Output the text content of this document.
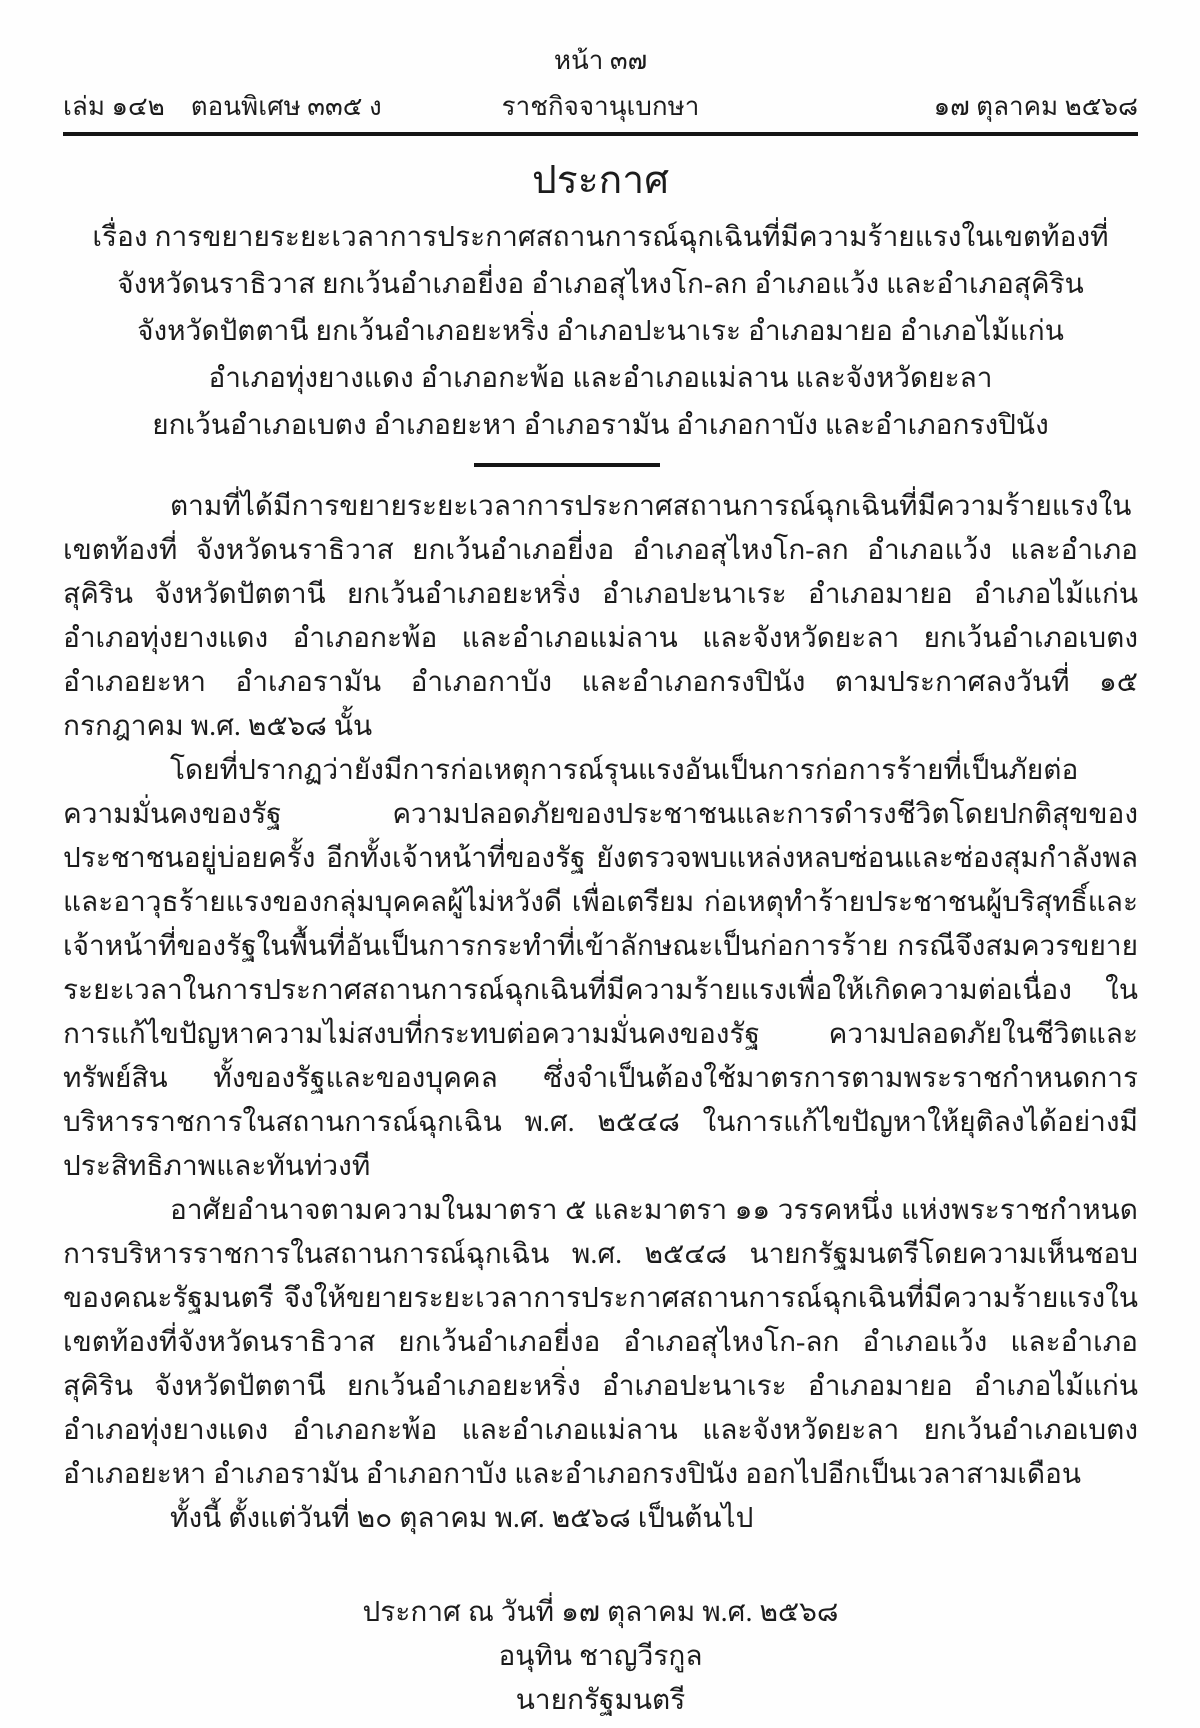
หน้า ๓๗
เล่ม ๑๔๒ ตอนพิเศษ ๓๓๕ ง	ราชกิจจานุเบกษา	๑๗ ตุลาคม ๒๕๖๘
ประกาศ
เรื่อง การขยายระยะเวลาการประกาศสถานการณ์ฉุกเฉินที่มีความร้ายแรงในเขตท้องที่
จังหวัดนราธิวาส ยกเว้นอำเภอยี่งอ อำเภอสุไหงโก-ลก อำเภอแว้ง และอำเภอสุคิริน
จังหวัดปัตตานี ยกเว้นอำเภอยะหริ่ง อำเภอปะนาเระ อำเภอมายอ อำเภอไม้แก่น
อำเภอทุ่งยางแดง อำเภอกะพ้อ และอำเภอแม่ลาน และจังหวัดยะลา
ยกเว้นอำเภอเบตง อำเภอยะหา อำเภอรามัน อำเภอกาบัง และอำเภอกรงปินัง

ตามที่ได้มีการขยายระยะเวลาการประกาศสถานการณ์ฉุกเฉินที่มีความร้ายแรงในเขตท้องที่ จังหวัดนราธิวาส ยกเว้นอำเภอยี่งอ อำเภอสุไหงโก-ลก อำเภอแว้ง และอำเภอสุคิริน จังหวัดปัตตานี ยกเว้นอำเภอยะหริ่ง อำเภอปะนาเระ อำเภอมายอ อำเภอไม้แก่น อำเภอทุ่งยางแดง อำเภอกะพ้อ และอำเภอแม่ลาน และจังหวัดยะลา ยกเว้นอำเภอเบตง อำเภอยะหา อำเภอรามัน อำเภอกาบัง และอำเภอกรงปินัง ตามประกาศลงวันที่ ๑๕ กรกฎาคม พ.ศ. ๒๕๖๘ นั้น

โดยที่ปรากฏว่ายังมีการก่อเหตุการณ์รุนแรงอันเป็นการก่อการร้ายที่เป็นภัยต่อความมั่นคงของรัฐ ความปลอดภัยของประชาชนและการดำรงชีวิตโดยปกติสุขของประชาชนอยู่บ่อยครั้ง อีกทั้งเจ้าหน้าที่ของรัฐ ยังตรวจพบแหล่งหลบซ่อนและซ่องสุมกำลังพลและอาวุธร้ายแรงของกลุ่มบุคคลผู้ไม่หวังดี เพื่อเตรียม ก่อเหตุทำร้ายประชาชนผู้บริสุทธิ์และเจ้าหน้าที่ของรัฐในพื้นที่อันเป็นการกระทำที่เข้าลักษณะเป็นก่อการร้าย กรณีจึงสมควรขยายระยะเวลาในการประกาศสถานการณ์ฉุกเฉินที่มีความร้ายแรงเพื่อให้เกิดความต่อเนื่อง ในการแก้ไขปัญหาความไม่สงบที่กระทบต่อความมั่นคงของรัฐ ความปลอดภัยในชีวิตและทรัพย์สิน ทั้งของรัฐและของบุคคล ซึ่งจำเป็นต้องใช้มาตรการตามพระราชกำหนดการบริหารราชการในสถานการณ์ฉุกเฉิน พ.ศ. ๒๕๔๘ ในการแก้ไขปัญหาให้ยุติลงได้อย่างมีประสิทธิภาพและทันท่วงที

อาศัยอำนาจตามความในมาตรา ๕ และมาตรา ๑๑ วรรคหนึ่ง แห่งพระราชกำหนด การบริหารราชการในสถานการณ์ฉุกเฉิน พ.ศ. ๒๕๔๘ นายกรัฐมนตรีโดยความเห็นชอบของคณะรัฐมนตรี จึงให้ขยายระยะเวลาการประกาศสถานการณ์ฉุกเฉินที่มีความร้ายแรงในเขตท้องที่จังหวัดนราธิวาส ยกเว้นอำเภอยี่งอ อำเภอสุไหงโก-ลก อำเภอแว้ง และอำเภอสุคิริน จังหวัดปัตตานี ยกเว้นอำเภอยะหริ่ง อำเภอปะนาเระ อำเภอมายอ อำเภอไม้แก่น อำเภอทุ่งยางแดง อำเภอกะพ้อ และอำเภอแม่ลาน และจังหวัดยะลา ยกเว้นอำเภอเบตง อำเภอยะหา อำเภอรามัน อำเภอกาบัง และอำเภอกรงปินัง ออกไปอีกเป็นเวลาสามเดือน

ทั้งนี้ ตั้งแต่วันที่ ๒๐ ตุลาคม พ.ศ. ๒๕๖๘ เป็นต้นไป

ประกาศ ณ วันที่ ๑๗ ตุลาคม พ.ศ. ๒๕๖๘
อนุทิน ชาญวีรกูล
นายกรัฐมนตรี
